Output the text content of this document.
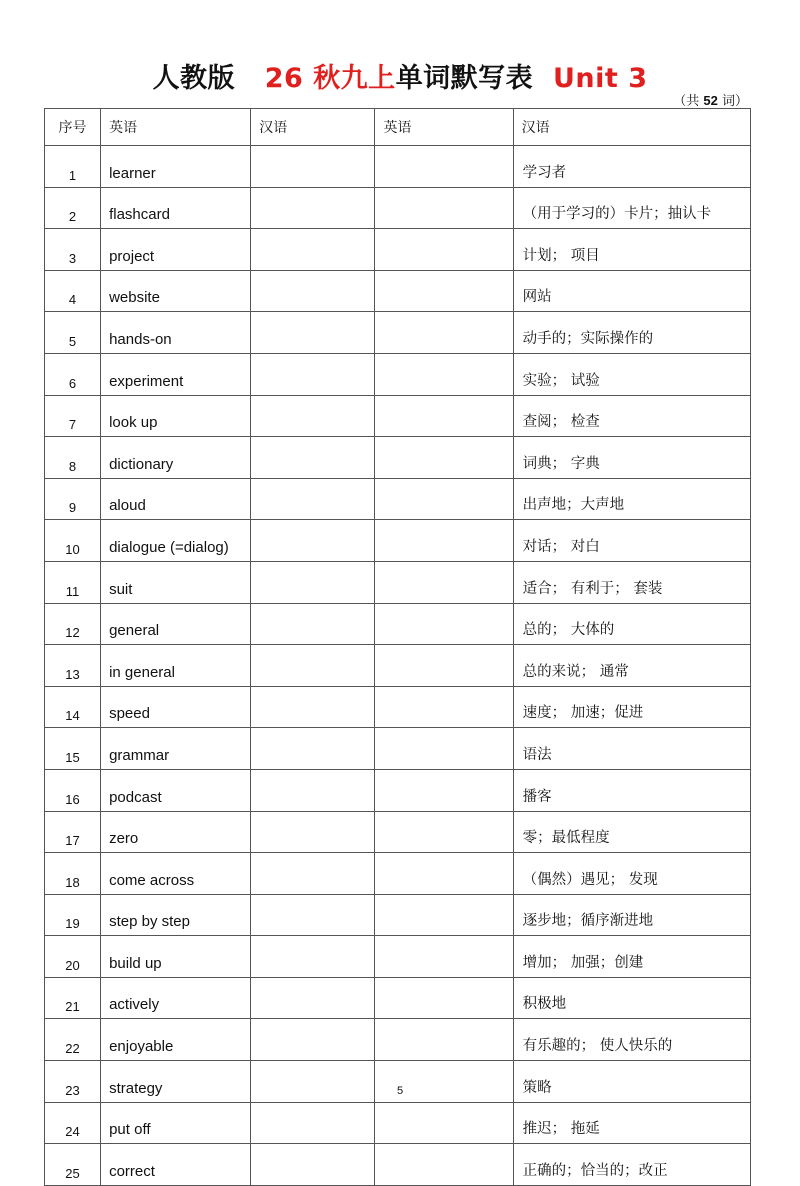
人教版 26 秋九上单词默写表 Unit 3
（共 52 词）
序号	英语	汉语	英语	汉语
1	learner			学习者
2	flashcard			（用于学习的）卡片；抽认卡
3	project			计划； 项目
4	website			网站
5	hands-on			动手的；实际操作的
6	experiment			实验； 试验
7	look up			查阅； 检查
8	dictionary			词典； 字典
9	aloud			出声地；大声地
10	dialogue (=dialog)			对话； 对白
11	suit			适合； 有利于； 套装
12	general			总的； 大体的
13	in general			总的来说； 通常
14	speed			速度； 加速；促进
15	grammar			语法
16	podcast			播客
17	zero			零；最低程度
18	come across			（偶然）遇见； 发现
19	step by step			逐步地；循序渐进地
20	build up			增加； 加强；创建
21	actively			积极地
22	enjoyable			有乐趣的； 使人快乐的
23	strategy			策略
24	put off			推迟； 拖延
25	correct			正确的；恰当的；改正
5
